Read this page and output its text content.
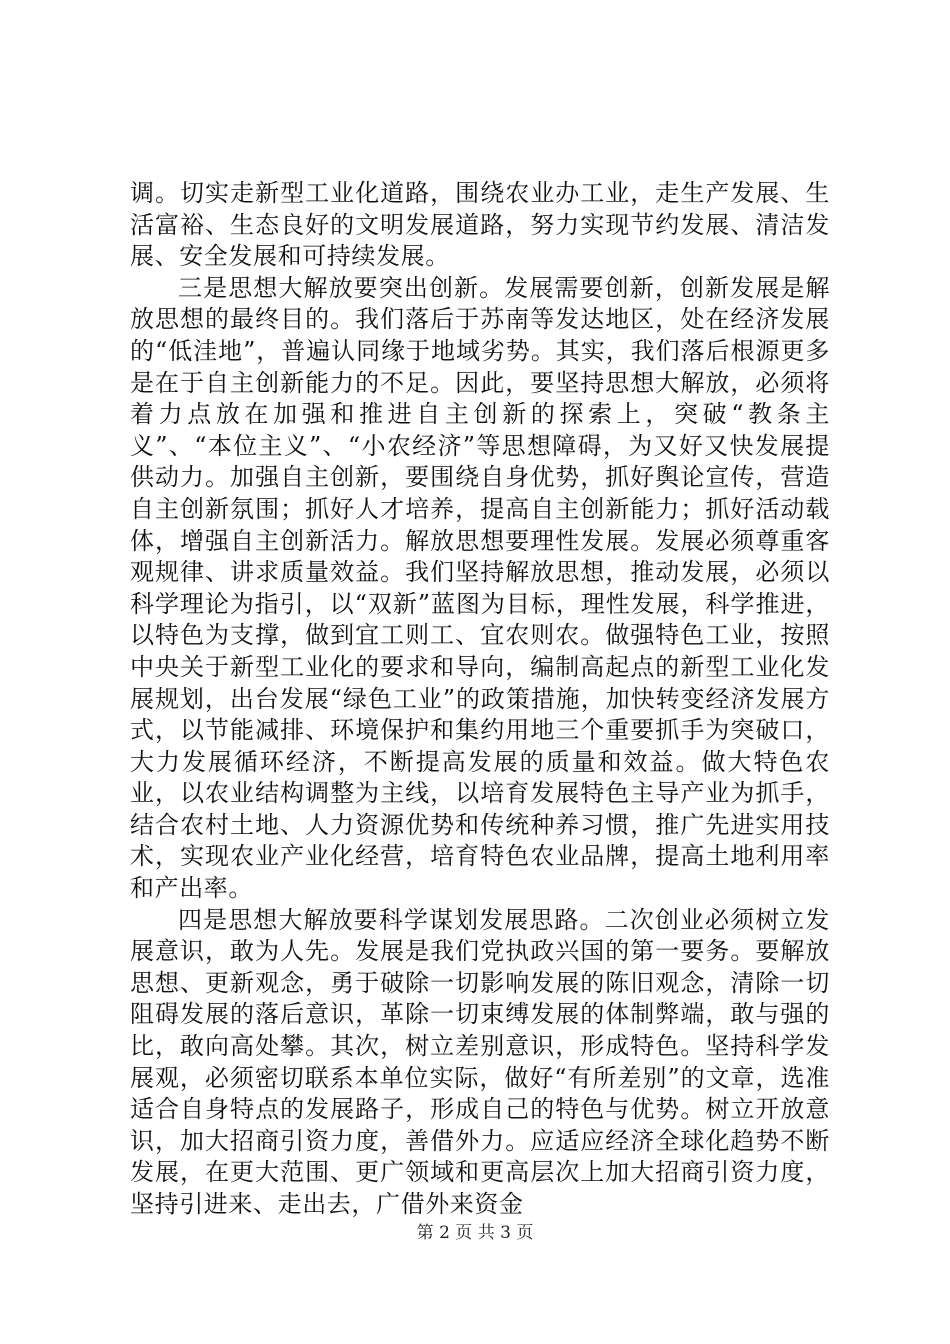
调。切实走新型工业化道路，围绕农业办工业，走生产发展、生活富裕、生态良好的文明发展道路，努力实现节约发展、清洁发展、安全发展和可持续发展。

三是思想大解放要突出创新。发展需要创新，创新发展是解放思想的最终目的。我们落后于苏南等发达地区，处在经济发展的“低洼地”，普遍认同缘于地域劣势。其实，我们落后根源更多是在于自主创新能力的不足。因此，要坚持思想大解放，必须将着力点放在加强和推进自主创新的探索上，突破“教条主义”、“本位主义”、“小农经济”等思想障碍，为又好又快发展提供动力。加强自主创新，要围绕自身优势，抓好舆论宣传，营造自主创新氛围；抓好人才培养，提高自主创新能力；抓好活动载体，增强自主创新活力。解放思想要理性发展。发展必须尊重客观规律、讲求质量效益。我们坚持解放思想，推动发展，必须以科学理论为指引，以“双新”蓝图为目标，理性发展，科学推进，以特色为支撑，做到宜工则工、宜农则农。做强特色工业，按照中央关于新型工业化的要求和导向，编制高起点的新型工业化发展规划，出台发展“绿色工业”的政策措施，加快转变经济发展方式，以节能减排、环境保护和集约用地三个重要抓手为突破口，大力发展循环经济，不断提高发展的质量和效益。做大特色农业，以农业结构调整为主线，以培育发展特色主导产业为抓手，结合农村土地、人力资源优势和传统种养习惯，推广先进实用技术，实现农业产业化经营，培育特色农业品牌，提高土地利用率和产出率。

四是思想大解放要科学谋划发展思路。二次创业必须树立发展意识，敢为人先。发展是我们党执政兴国的第一要务。要解放思想、更新观念，勇于破除一切影响发展的陈旧观念，清除一切阻碍发展的落后意识，革除一切束缚发展的体制弊端，敢与强的比，敢向高处攀。其次，树立差别意识，形成特色。坚持科学发展观，必须密切联系本单位实际，做好“有所差别”的文章，选准适合自身特点的发展路子，形成自己的特色与优势。树立开放意识，加大招商引资力度，善借外力。应适应经济全球化趋势不断发展，在更大范围、更广领域和更高层次上加大招商引资力度，坚持引进来、走出去，广借外来资金

第 2 页 共 3 页
